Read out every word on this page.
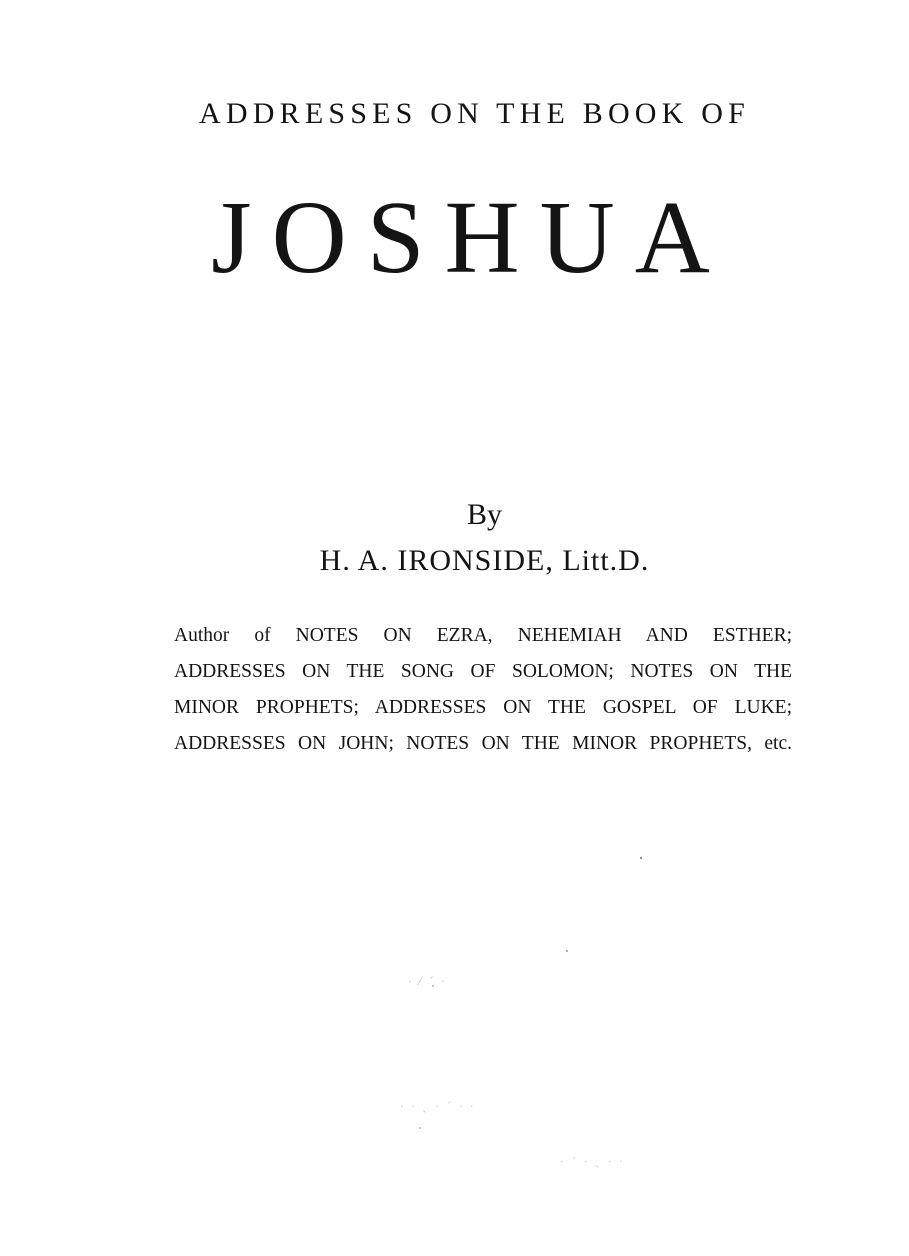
ADDRESSES ON THE BOOK OF
JOSHUA
By
H. A. IRONSIDE, Litt.D.
Author of NOTES ON EZRA, NEHEMIAH AND ESTHER;
ADDRESSES ON THE SONG OF SOLOMON; NOTES ON THE
MINOR PROPHETS; ADDRESSES ON THE GOSPEL OF LUKE;
ADDRESSES ON JOHN; NOTES ON THE MINOR PROPHETS, etc.
· ⁄ ˊ ·
· · ˎ · ˊ · ·
· ˊ · ˎ · ·
